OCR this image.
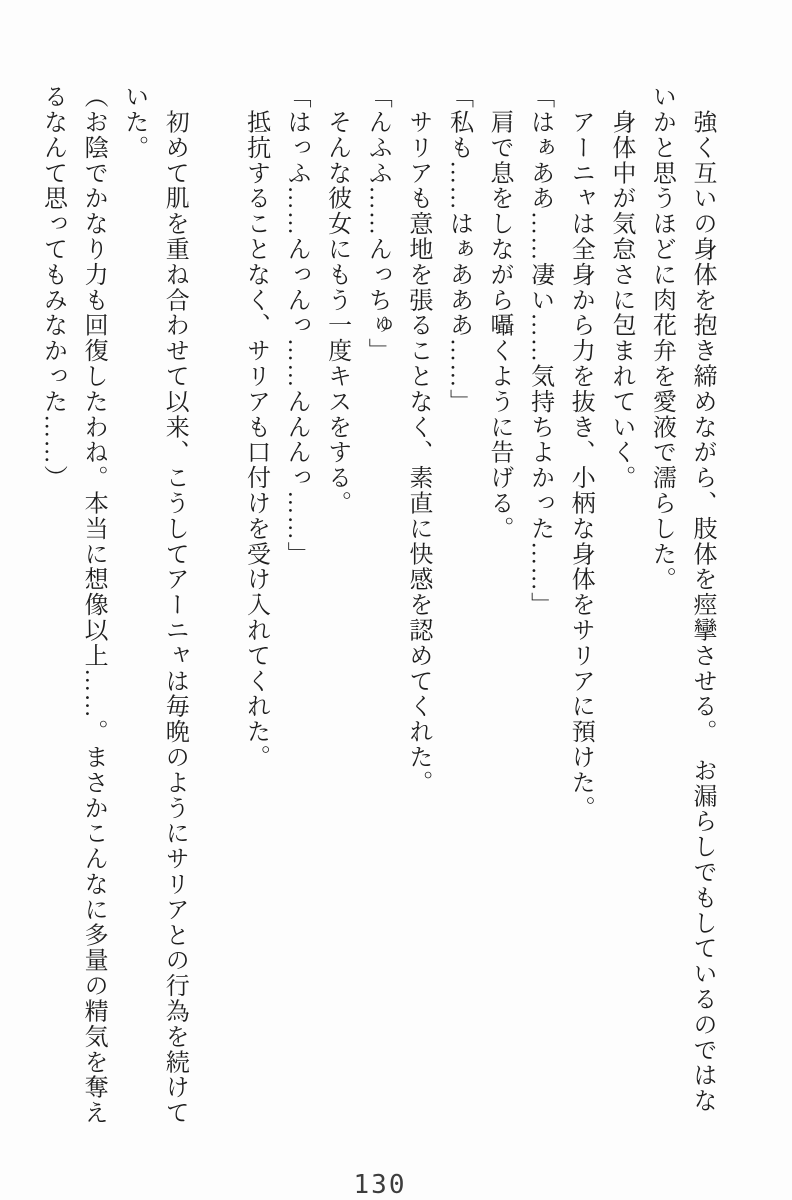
　強く互いの身体を抱き締めながら、肢体を痙攣させる。　お漏らしでもしているのではないかと思うほどに肉花弁を愛液で濡らした。

　身体中が気怠さに包まれていく。

　アーニャは全身から力を抜き、小柄な身体をサリアに預けた。

「はぁああ……凄い……気持ちよかった……」

　肩で息をしながら囁くように告げる。

「私も……はぁあああ……」

　サリアも意地を張ることなく、素直に快感を認めてくれた。

「んふふ……んっちゅ」

　そんな彼女にもう一度キスをする。

「はっふ……んっんっ……んんんっ……」

　抵抗することなく、サリアも口付けを受け入れてくれた。

　初めて肌を重ね合わせて以来、こうしてアーニャは毎晩のようにサリアとの行為を続けていた。

（お陰でかなり力も回復したわね。本当に想像以上……。まさかこんなに多量の精気を奪えるなんて思ってもみなかった……）

130
